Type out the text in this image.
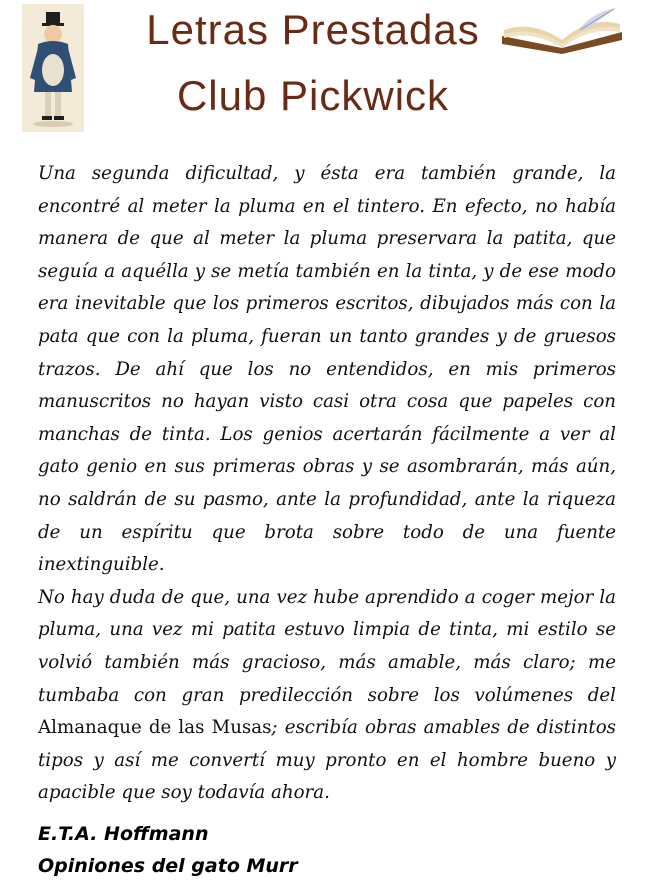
Letras Prestadas
Club Pickwick

Una segunda dificultad, y ésta era también grande, la encontré al meter la pluma en el tintero. En efecto, no había manera de que al meter la pluma preservara la patita, que seguía a aquélla y se metía también en la tinta, y de ese modo era inevitable que los primeros escritos, dibujados más con la pata que con la pluma, fueran un tanto grandes y de gruesos trazos. De ahí que los no entendidos, en mis primeros manuscritos no hayan visto casi otra cosa que papeles con manchas de tinta. Los genios acertarán fácilmente a ver al gato genio en sus primeras obras y se asombrarán, más aún, no saldrán de su pasmo, ante la profundidad, ante la riqueza de un espíritu que brota sobre todo de una fuente inextinguible.

No hay duda de que, una vez hube aprendido a coger mejor la pluma, una vez mi patita estuvo limpia de tinta, mi estilo se volvió también más gracioso, más amable, más claro; me tumbaba con gran predilección sobre los volúmenes del Almanaque de las Musas; escribía obras amables de distintos tipos y así me convertí muy pronto en el hombre bueno y apacible que soy todavía ahora.

E.T.A. Hoffmann
Opiniones del gato Murr
